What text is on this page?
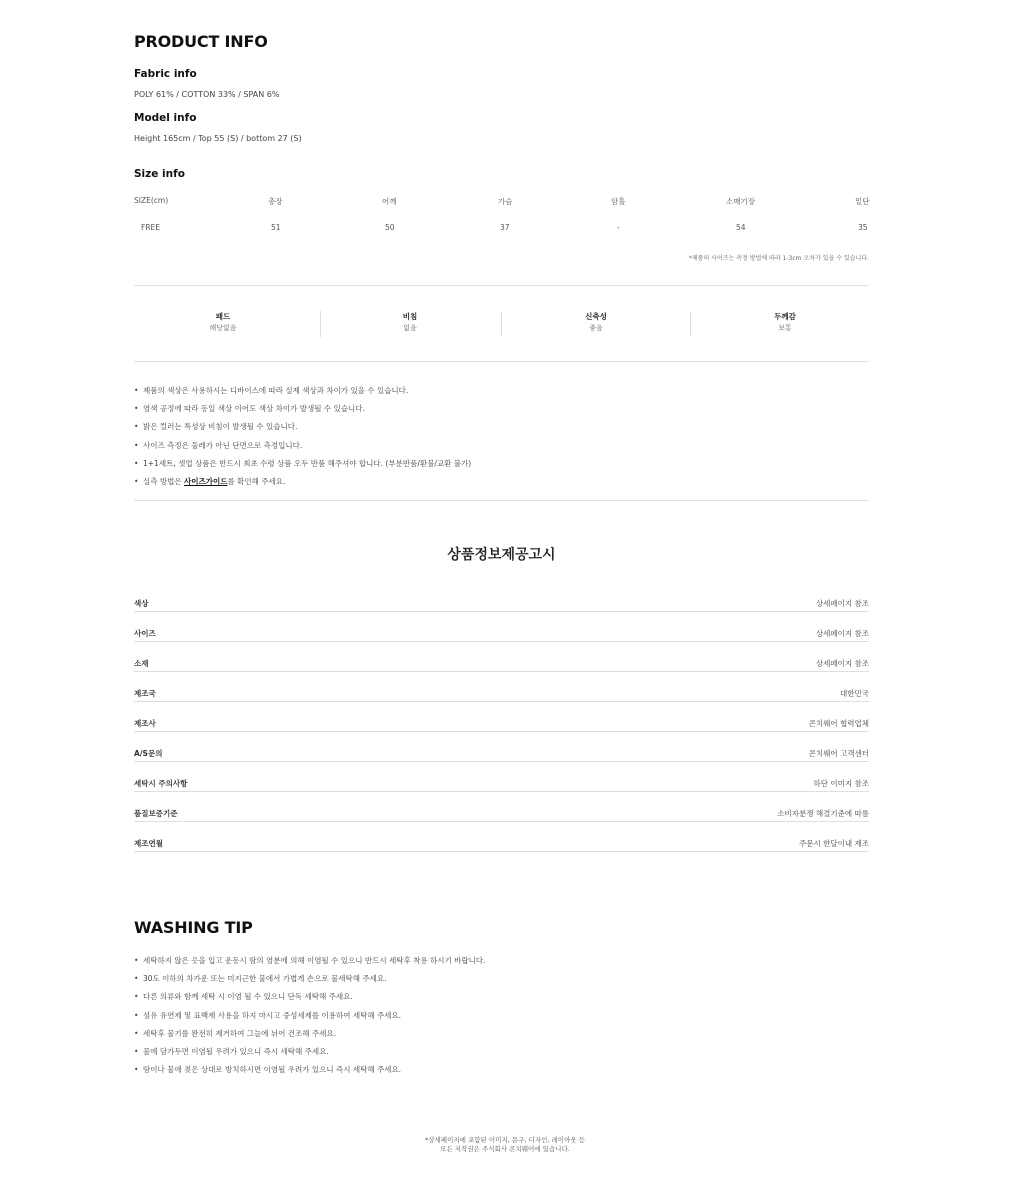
PRODUCT INFO
Fabric info
POLY 61% / COTTON 33% / SPAN 6%
Model info
Height 165cm / Top 55 (S) / bottom 27 (S)
Size info
SIZE(cm)	총장	어깨	가슴	암홀	소매기장	밑단
FREE	51	50	37	-	54	35
*제품의 사이즈는 측정 방법에 따라 1-3cm 오차가 있을 수 있습니다.
패드
해당없음
비침
없음
신축성
좋음
두께감
보통
• 제품의 색상은 사용하시는 디바이스에 따라 실제 색상과 차이가 있을 수 있습니다.
• 염색 공정에 따라 동일 색상 이어도 색상 차이가 발생될 수 있습니다.
• 밝은 컬러는 특성상 비침이 발생될 수 있습니다.
• 사이즈 측정은 둘레가 아닌 단면으로 측정입니다.
• 1+1세트, 셋업 상품은 반드시 최초 수령 상품 오두 반품 해주셔야 합니다. (부분반품/환불/교환 불가)
• 실측 방법은 사이즈가이드를 확인해 주세요.
상품정보제공고시
색상	상세페이지 참조
사이즈	상세페이지 참조
소재	상세페이지 참조
제조국	대한민국
제조사	콘치웨어 협력업체
A/S문의	콘치웨어 고객센터
세탁시 주의사항	하단 이미지 참조
품질보증기준	소비자분쟁 해결기준에 따름
제조연월	주문시 한달이내 제조
WASHING TIP
• 세탁하지 않은 옷을 입고 운동시 땀의 염분에 의해 이염될 수 있으니 반드시 세탁후 착용 하시기 바랍니다.
• 30도 이하의 차가운 또는 미지근한 물에서 가볍게 손으로 물세탁해 주세요.
• 다른 의류와 함께 세탁 시 이염 될 수 있으니 단독 세탁해 주세요.
• 섬유 유연제 및 표백제 사용을 하지 마시고 중성세제를 이용하여 세탁해 주세요.
• 세탁후 물기를 완전히 제거하여 그늘에 뉘어 건조해 주세요.
• 물에 담가두면 이염될 우려가 있으니 즉시 세탁해 주세요.
• 땀이나 물에 젖은 상대로 방치하시면 이염될 우려가 있으니 즉시 세탁해 주세요.
*상세페이지에 포함된 이미지, 문구, 디자인, 레이아웃 등
모든 저작권은 주식회사 콘치웨어에 있습니다.
